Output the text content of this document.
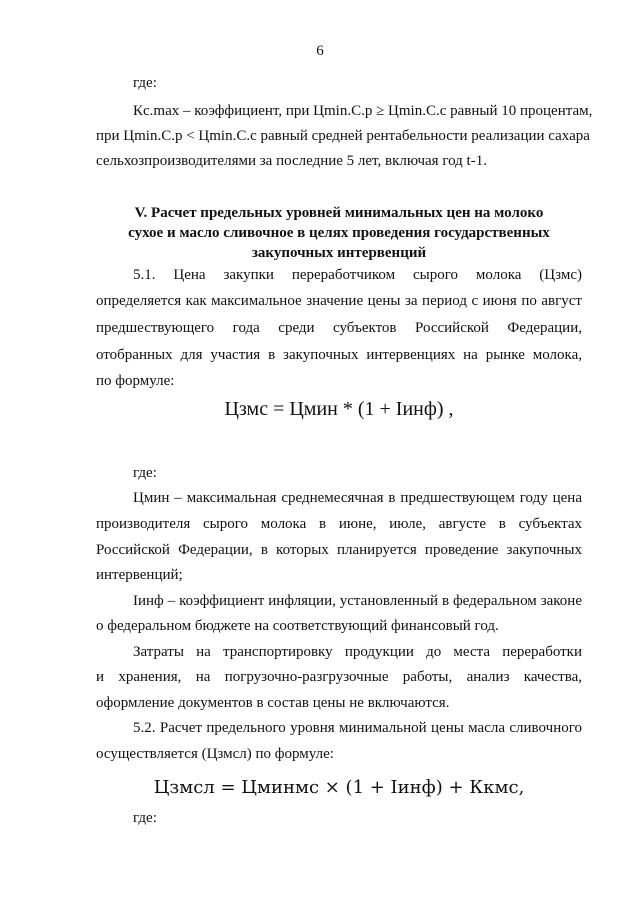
6
где:
Кc.max – коэффициент, при Цmin.C.p ≥ Цmin.C.c равный 10 процентам,
при Цmin.C.p < Цmin.C.c равный средней рентабельности реализации сахара
сельхозпроизводителями за последние 5 лет, включая год t-1.
V. Расчет предельных уровней минимальных цен на молоко
сухое и масло сливочное в целях проведения государственных
закупочных интервенций
5.1. Цена закупки переработчиком сырого молока (Цзмс)
определяется как максимальное значение цены за период с июня по август
предшествующего года среди субъектов Российской Федерации,
отобранных для участия в закупочных интервенциях на рынке молока,
по формуле:
Цзмс = Цмин * (1 + Iинф) ,
где:
Цмин – максимальная среднемесячная в предшествующем году цена
производителя сырого молока в июне, июле, августе в субъектах
Российской Федерации, в которых планируется проведение закупочных
интервенций;
Iинф – коэффициент инфляции, установленный в федеральном законе
о федеральном бюджете на соответствующий финансовый год.
Затраты на транспортировку продукции до места переработки
и хранения, на погрузочно-разгрузочные работы, анализ качества,
оформление документов в состав цены не включаются.
5.2. Расчет предельного уровня минимальной цены масла сливочного
осуществляется (Цзмсл) по формуле:
Цзмсл = Цминмс × (1 + Iинф) + Ккмс,
где:
